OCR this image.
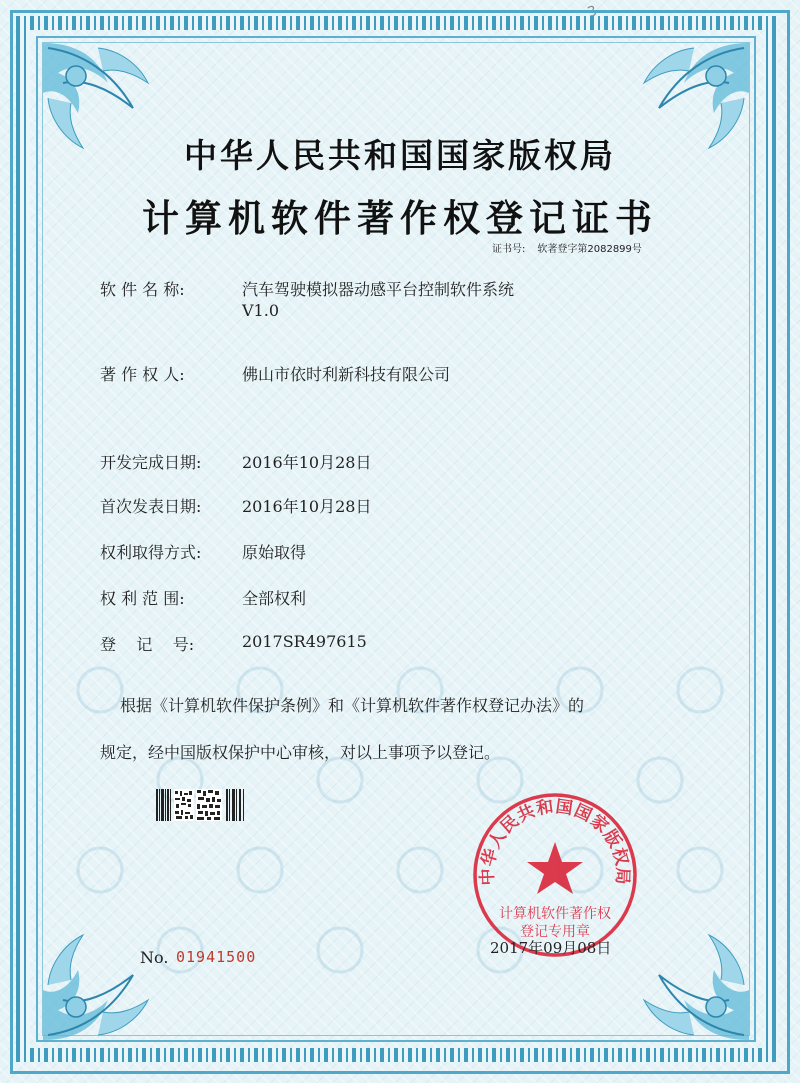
3
中华人民共和国国家版权局
计算机软件著作权登记证书
证书号: 软著登字第2082899号
软 件 名 称:	汽车驾驶模拟器动感平台控制软件系统
V1.0
著 作 权 人:	佛山市依时利新科技有限公司
开发完成日期:	2016年10月28日
首次发表日期:	2016年10月28日
权利取得方式:	原始取得
权 利 范 围:	全部权利
登    记    号:	2017SR497615
根据《计算机软件保护条例》和《计算机软件著作权登记办法》的
规定，经中国版权保护中心审核，对以上事项予以登记。
中华人民共和国国家版权局
计算机软件著作权
登记专用章
2017年09月08日
No. 01941500
